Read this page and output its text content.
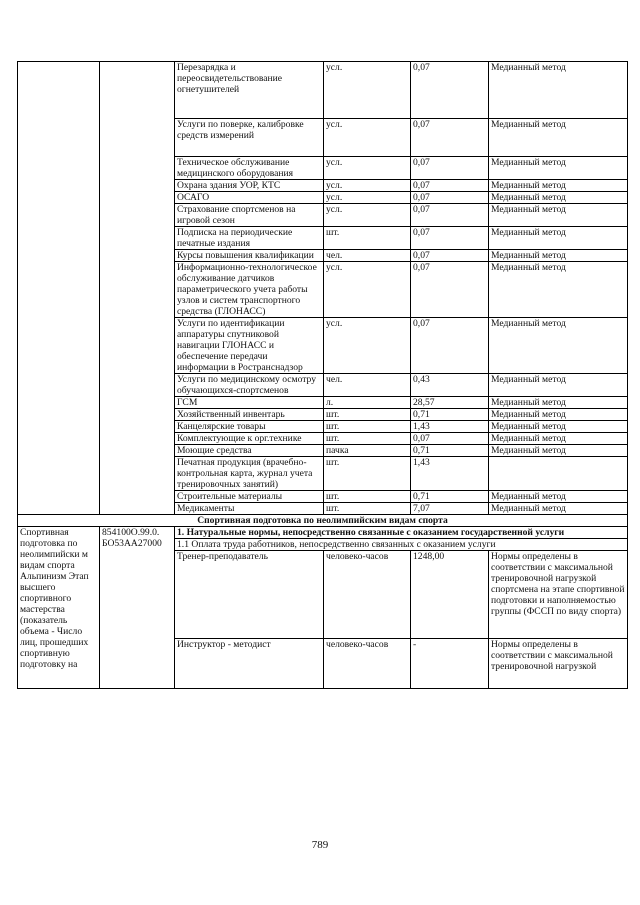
		Перезарядка и переосвидетельствование огнетушителей	усл.	0,07	Медианный метод
		Услуги по поверке, калибровке средств измерений	усл.	0,07	Медианный метод
		Техническое обслуживание медицинского оборудования	усл.	0,07	Медианный метод
		Охрана здания УОР, КТС	усл.	0,07	Медианный метод
		ОСАГО	усл.	0,07	Медианный метод
		Страхование спортсменов на игровой сезон	усл.	0,07	Медианный метод
		Подписка на периодические печатные издания	шт.	0,07	Медианный метод
		Курсы повышения квалификации	чел.	0,07	Медианный метод
		Информационно-технологическое обслуживание датчиков параметрического учета работы узлов и систем транспортного средства (ГЛОНАСС)	усл.	0,07	Медианный метод
		Услуги по идентификации аппаратуры спутниковой навигации ГЛОНАСС и обеспечение передачи информации в Ространснадзор	усл.	0,07	Медианный метод
		Услуги по медицинскому осмотру обучающихся-спортсменов	чел.	0,43	Медианный метод
		ГСМ	л.	28,57	Медианный метод
		Хозяйственный инвентарь	шт.	0,71	Медианный метод
		Канцелярские товары	шт.	1,43	Медианный метод
		Комплектующие к орг.технике	шт.	0,07	Медианный метод
		Моющие средства	пачка	0,71	Медианный метод
		Печатная продукция (врачебно-контрольная карта, журнал учета тренировочных занятий)	шт.	1,43	
		Строительные материалы	шт.	0,71	Медианный метод
		Медикаменты	шт.	7,07	Медианный метод
Спортивная подготовка по неолимпийским видам спорта					
Спортивная подготовка по неолимпийски м видам спорта Альпинизм Этап высшего спортивного мастерства (показатель объема - Число лиц, прошедших спортивную подготовку на	854100О.99.0. БО53АА27000	1. Натуральные нормы, непосредственно связанные с оказанием государственной услуги			
		1.1 Оплата труда работников, непосредственно связанных с оказанием услуги			
		Тренер-преподаватель	человеко-часов	1248,00	Нормы определены в соответствии с максимальной тренировочной нагрузкой спортсмена на этапе спортивной подготовки и наполняемостью группы (ФССП по виду спорта)
		Инструктор - методист	человеко-часов	-	Нормы определены в соответствии с максимальной тренировочной нагрузкой
789
